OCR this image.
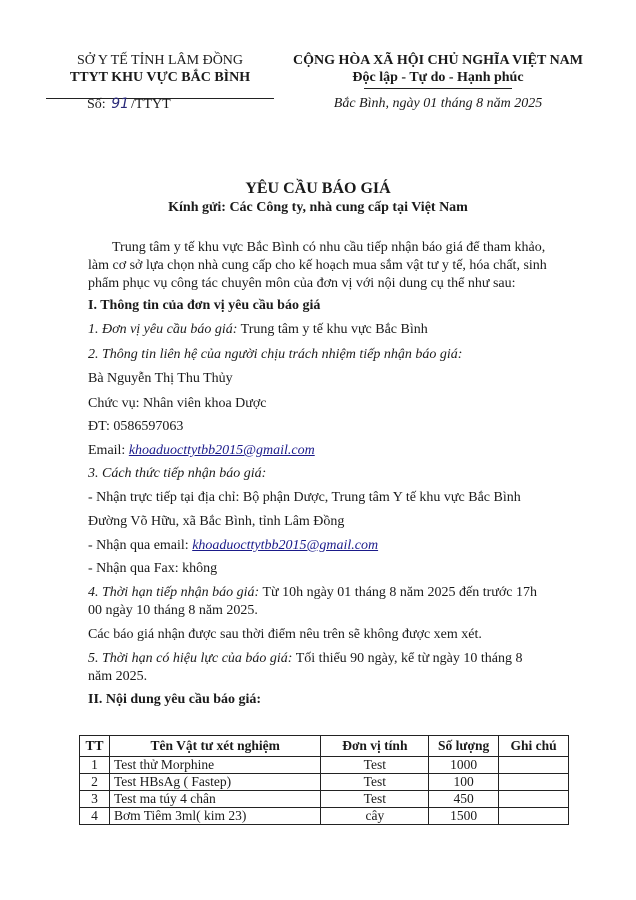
SỞ Y TẾ TỈNH LÂM ĐỒNG
TTYT KHU VỰC BẮC BÌNH
Số: 91 /TTYT
CỘNG HÒA XÃ HỘI CHỦ NGHĨA VIỆT NAM
Độc lập - Tự do - Hạnh phúc
Bắc Bình, ngày 01 tháng 8 năm 2025
YÊU CẦU BÁO GIÁ
Kính gửi: Các Công ty, nhà cung cấp tại Việt Nam
Trung tâm y tế khu vực Bắc Bình có nhu cầu tiếp nhận báo giá để tham khảo,
làm cơ sở lựa chọn nhà cung cấp cho kế hoạch mua sắm vật tư y tế, hóa chất, sinh
phẩm phục vụ công tác chuyên môn của đơn vị với nội dung cụ thể như sau:
I. Thông tin của đơn vị yêu cầu báo giá
1. Đơn vị yêu cầu báo giá: Trung tâm y tế khu vực Bắc Bình
2. Thông tin liên hệ của người chịu trách nhiệm tiếp nhận báo giá:
Bà Nguyễn Thị Thu Thủy
Chức vụ: Nhân viên khoa Dược
ĐT: 0586597063
Email: khoaduocttytbb2015@gmail.com
3. Cách thức tiếp nhận báo giá:
- Nhận trực tiếp tại địa chỉ: Bộ phận Dược, Trung tâm Y tế khu vực Bắc Bình
Đường Võ Hữu, xã Bắc Bình, tỉnh Lâm Đồng
- Nhận qua email: khoaduocttytbb2015@gmail.com
- Nhận qua Fax: không
4. Thời hạn tiếp nhận báo giá: Từ 10h ngày 01 tháng 8 năm 2025 đến trước 17h
00 ngày 10 tháng 8 năm 2025.
Các báo giá nhận được sau thời điểm nêu trên sẽ không được xem xét.
5. Thời hạn có hiệu lực của báo giá: Tối thiểu 90 ngày, kể từ ngày 10 tháng 8
năm 2025.
II. Nội dung yêu cầu báo giá:
TT	Tên Vật tư xét nghiệm	Đơn vị tính	Số lượng	Ghi chú
1	Test thử Morphine	Test	1000	
2	Test HBsAg ( Fastep)	Test	100	
3	Test ma túy 4 chân	Test	450	
4	Bơm Tiêm 3ml( kim 23)	cây	1500	
